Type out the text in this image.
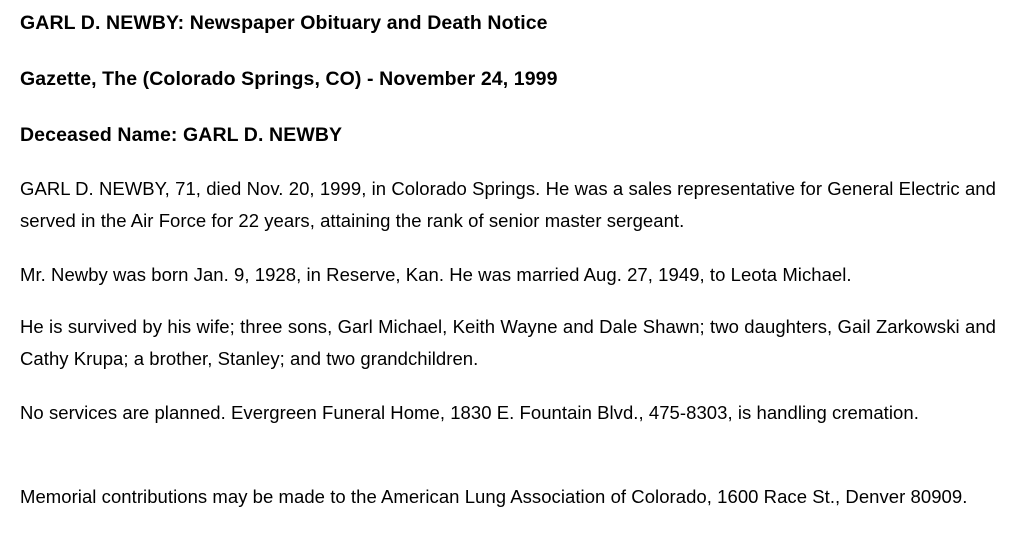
GARL D. NEWBY: Newspaper Obituary and Death Notice
Gazette, The (Colorado Springs, CO) - November 24, 1999
Deceased Name: GARL D. NEWBY

GARL D. NEWBY, 71, died Nov. 20, 1999, in Colorado Springs. He was a sales representative for General Electric and served in the Air Force for 22 years, attaining the rank of senior master sergeant.

Mr. Newby was born Jan. 9, 1928, in Reserve, Kan. He was married Aug. 27, 1949, to Leota Michael.

He is survived by his wife; three sons, Garl Michael, Keith Wayne and Dale Shawn; two daughters, Gail Zarkowski and Cathy Krupa; a brother, Stanley; and two grandchildren.

No services are planned. Evergreen Funeral Home, 1830 E. Fountain Blvd., 475-8303, is handling cremation.

Memorial contributions may be made to the American Lung Association of Colorado, 1600 Race St., Denver 80909.
